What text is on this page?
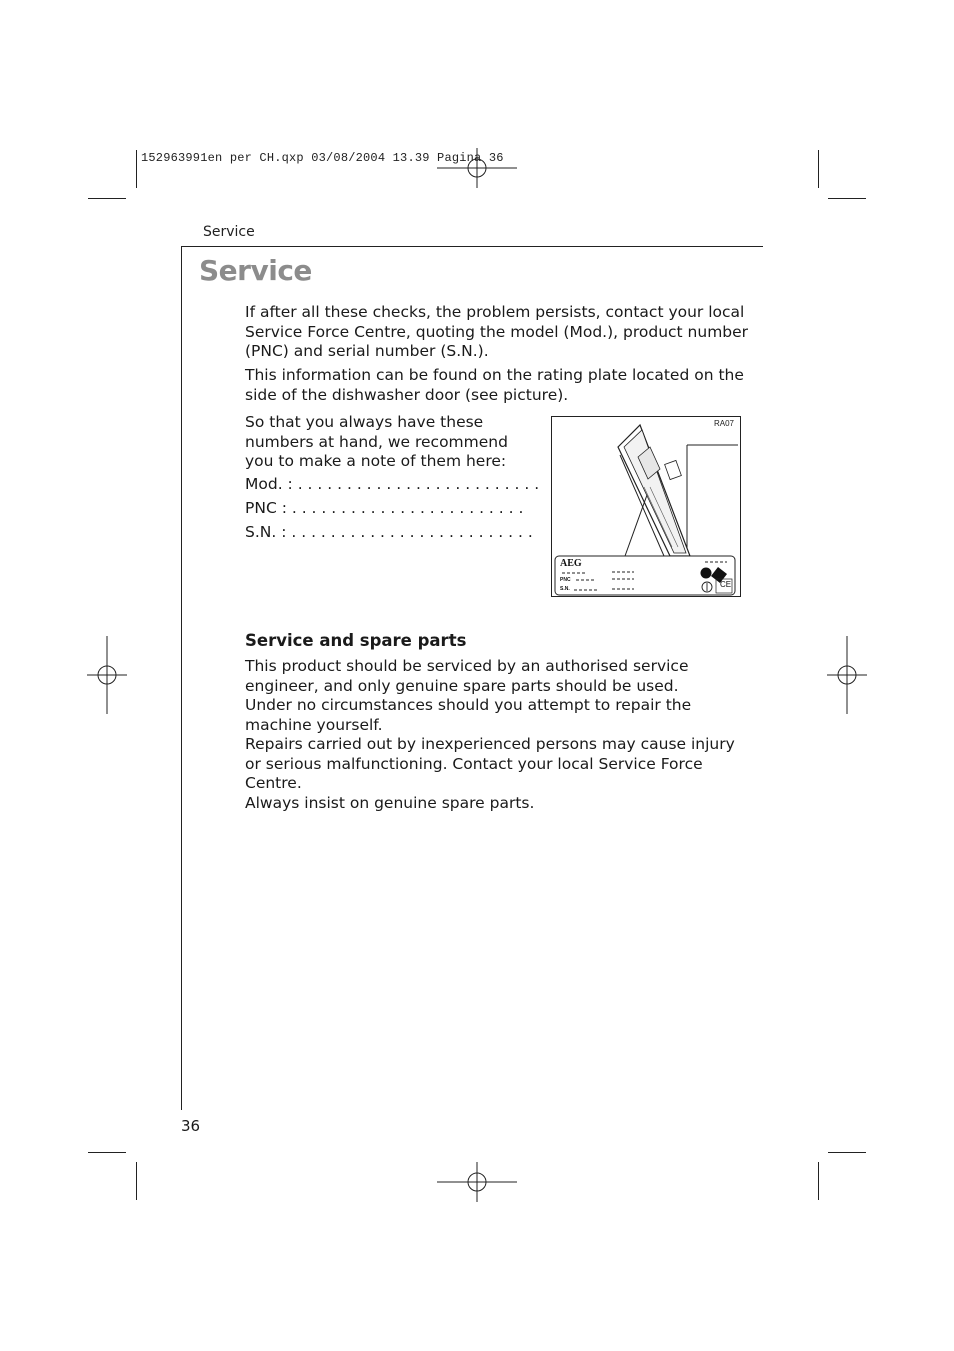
152963991en per CH.qxp 03/08/2004 13.39 Pagina 36
Service
Service
If after all these checks, the problem persists, contact your local Service Force Centre, quoting the model (Mod.), product number (PNC) and serial number (S.N.).
This information can be found on the rating plate located on the side of the dishwasher door (see picture).
So that you always have these numbers at hand, we recommend you to make a note of them here:
Mod. : . . . . . . . . . . . . . . . . . . . . . . . . .
PNC : . . . . . . . . . . . . . . . . . . . . . . . .
S.N. : . . . . . . . . . . . . . . . . . . . . . . . . .
RA07
AEG
PNC
S.N.	CE
Service and spare parts
This product should be serviced by an authorised service engineer, and only genuine spare parts should be used.
Under no circumstances should you attempt to repair the machine yourself.
Repairs carried out by inexperienced persons may cause injury or serious malfunctioning. Contact your local Service Force Centre.
Always insist on genuine spare parts.
36
